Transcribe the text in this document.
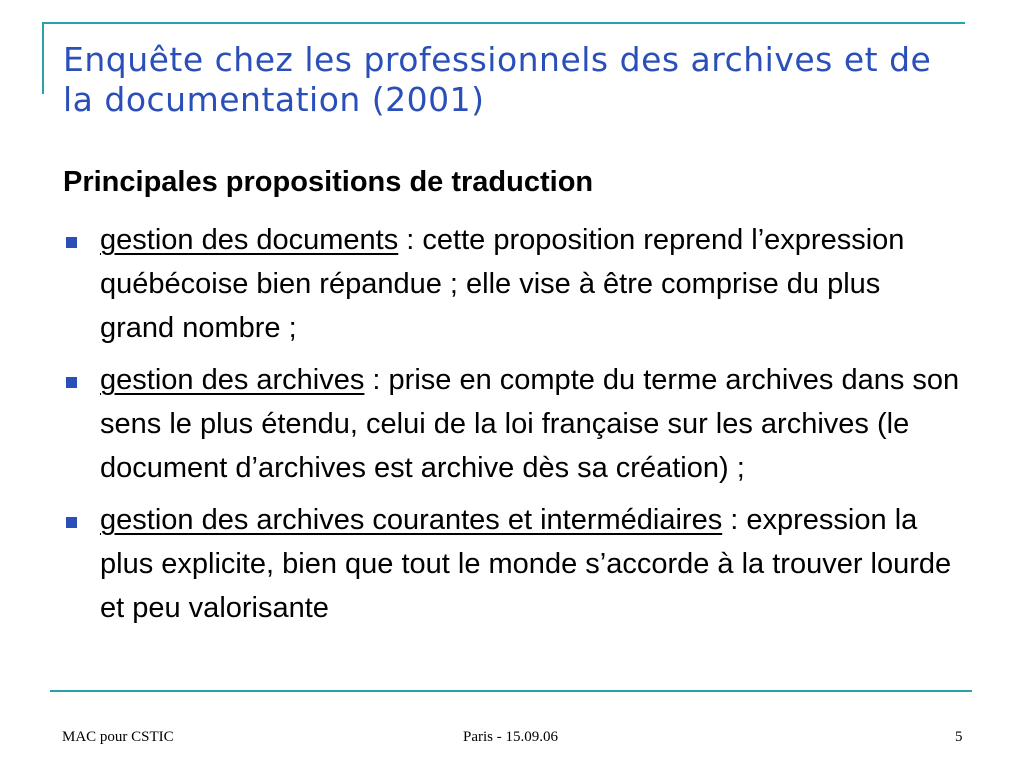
Enquête chez les professionnels des archives et de la documentation (2001)
Principales propositions de traduction
gestion des documents : cette proposition reprend l’expression québécoise bien répandue ; elle vise à être comprise du plus grand nombre ;
gestion des archives : prise en compte du terme archives dans son sens le plus étendu, celui de la loi française sur les archives (le document d’archives est archive dès sa création) ;
gestion des archives courantes et intermédiaires : expression la plus explicite, bien que tout le monde s’accorde à la trouver lourde et peu valorisante
MAC pour CSTIC	Paris - 15.09.06	5
